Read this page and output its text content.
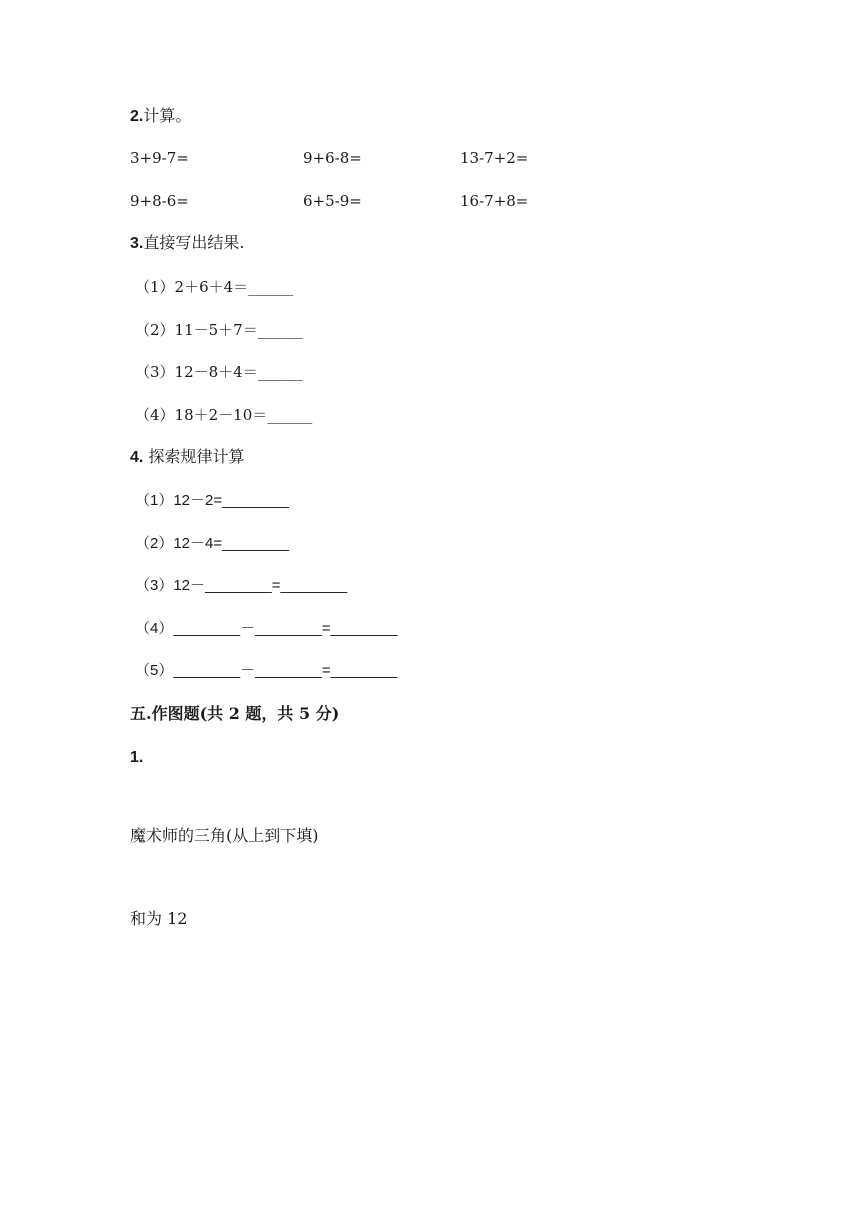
2.计算。
3+9-7=	9+6-8=	13-7+2=
9+8-6=	6+5-9=	16-7+8=
3.直接写出结果.
（1）2＋6＋4＝______
（2）11－5＋7＝______
（3）12－8＋4＝______
（4）18＋2－10＝______
4. 探索规律计算
（1）12－2=________
（2）12－4=________
（3）12－________=________
（4）________－________=________
（5）________－________=________
五.作图题(共 2 题，共 5 分)
1.
魔术师的三角(从上到下填)
和为 12
